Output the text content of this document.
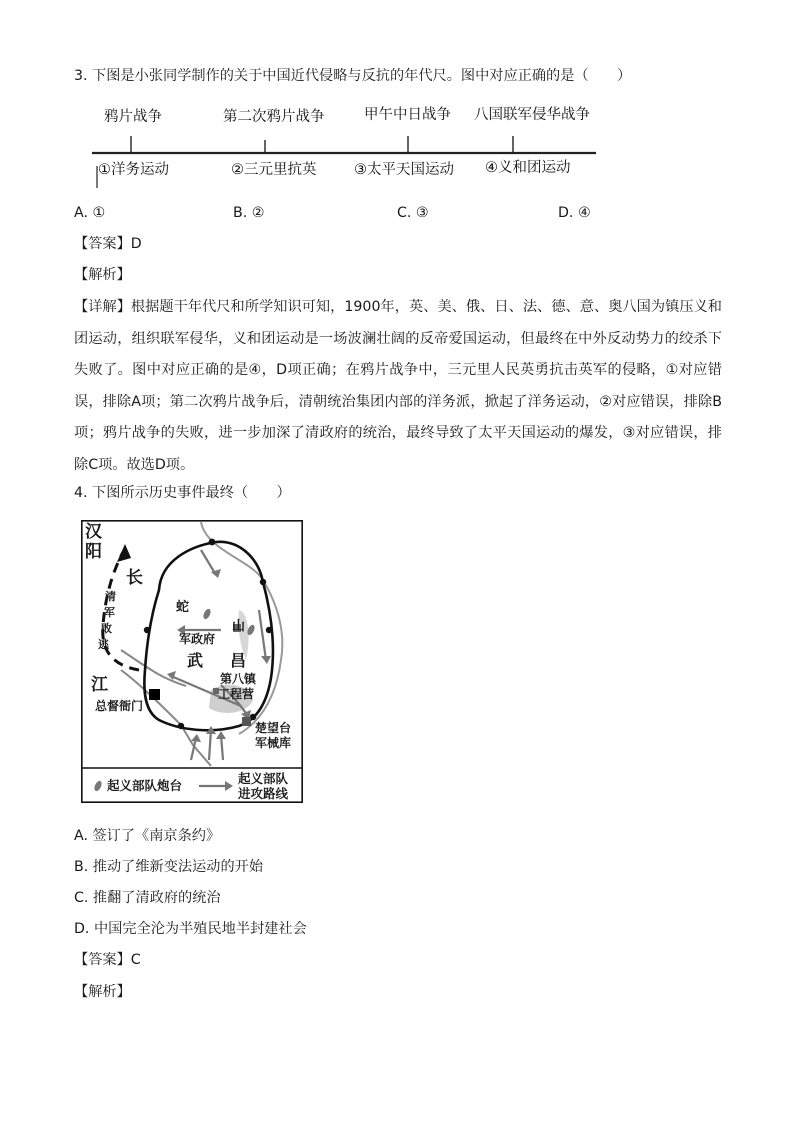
3. 下图是小张同学制作的关于中国近代侵略与反抗的年代尺。图中对应正确的是（　　）
鸦片战争	第二次鸦片战争	甲午中日战争 八国联军侵华战争
①洋务运动	②三元里抗英	③太平天国运动 ④义和团运动
A. ①	B. ②	C. ③	D. ④
【答案】D
【解析】
【详解】根据题干年代尺和所学知识可知，1900年，英、美、俄、日、法、德、意、奥八国为镇压义和团运动，组织联军侵华，义和团运动是一场波澜壮阔的反帝爱国运动，但最终在中外反动势力的绞杀下失败了。图中对应正确的是④，D项正确；在鸦片战争中，三元里人民英勇抗击英军的侵略，①对应错误，排除A项；第二次鸦片战争后，清朝统治集团内部的洋务派，掀起了洋务运动，②对应错误，排除B项；鸦片战争的失败，进一步加深了清政府的统治，最终导致了太平天国运动的爆发，③对应错误，排除C项。故选D项。
4. 下图所示历史事件最终（　　）
汉
阳
长
江
清
军
败
逃
蛇
山
军政府
武 昌
第八镇
工程营
总督衙门
楚望台
军械库
起义部队炮台	起义部队
进攻路线
A. 签订了《南京条约》
B. 推动了维新变法运动的开始
C. 推翻了清政府的统治
D. 中国完全沦为半殖民地半封建社会
【答案】C
【解析】
